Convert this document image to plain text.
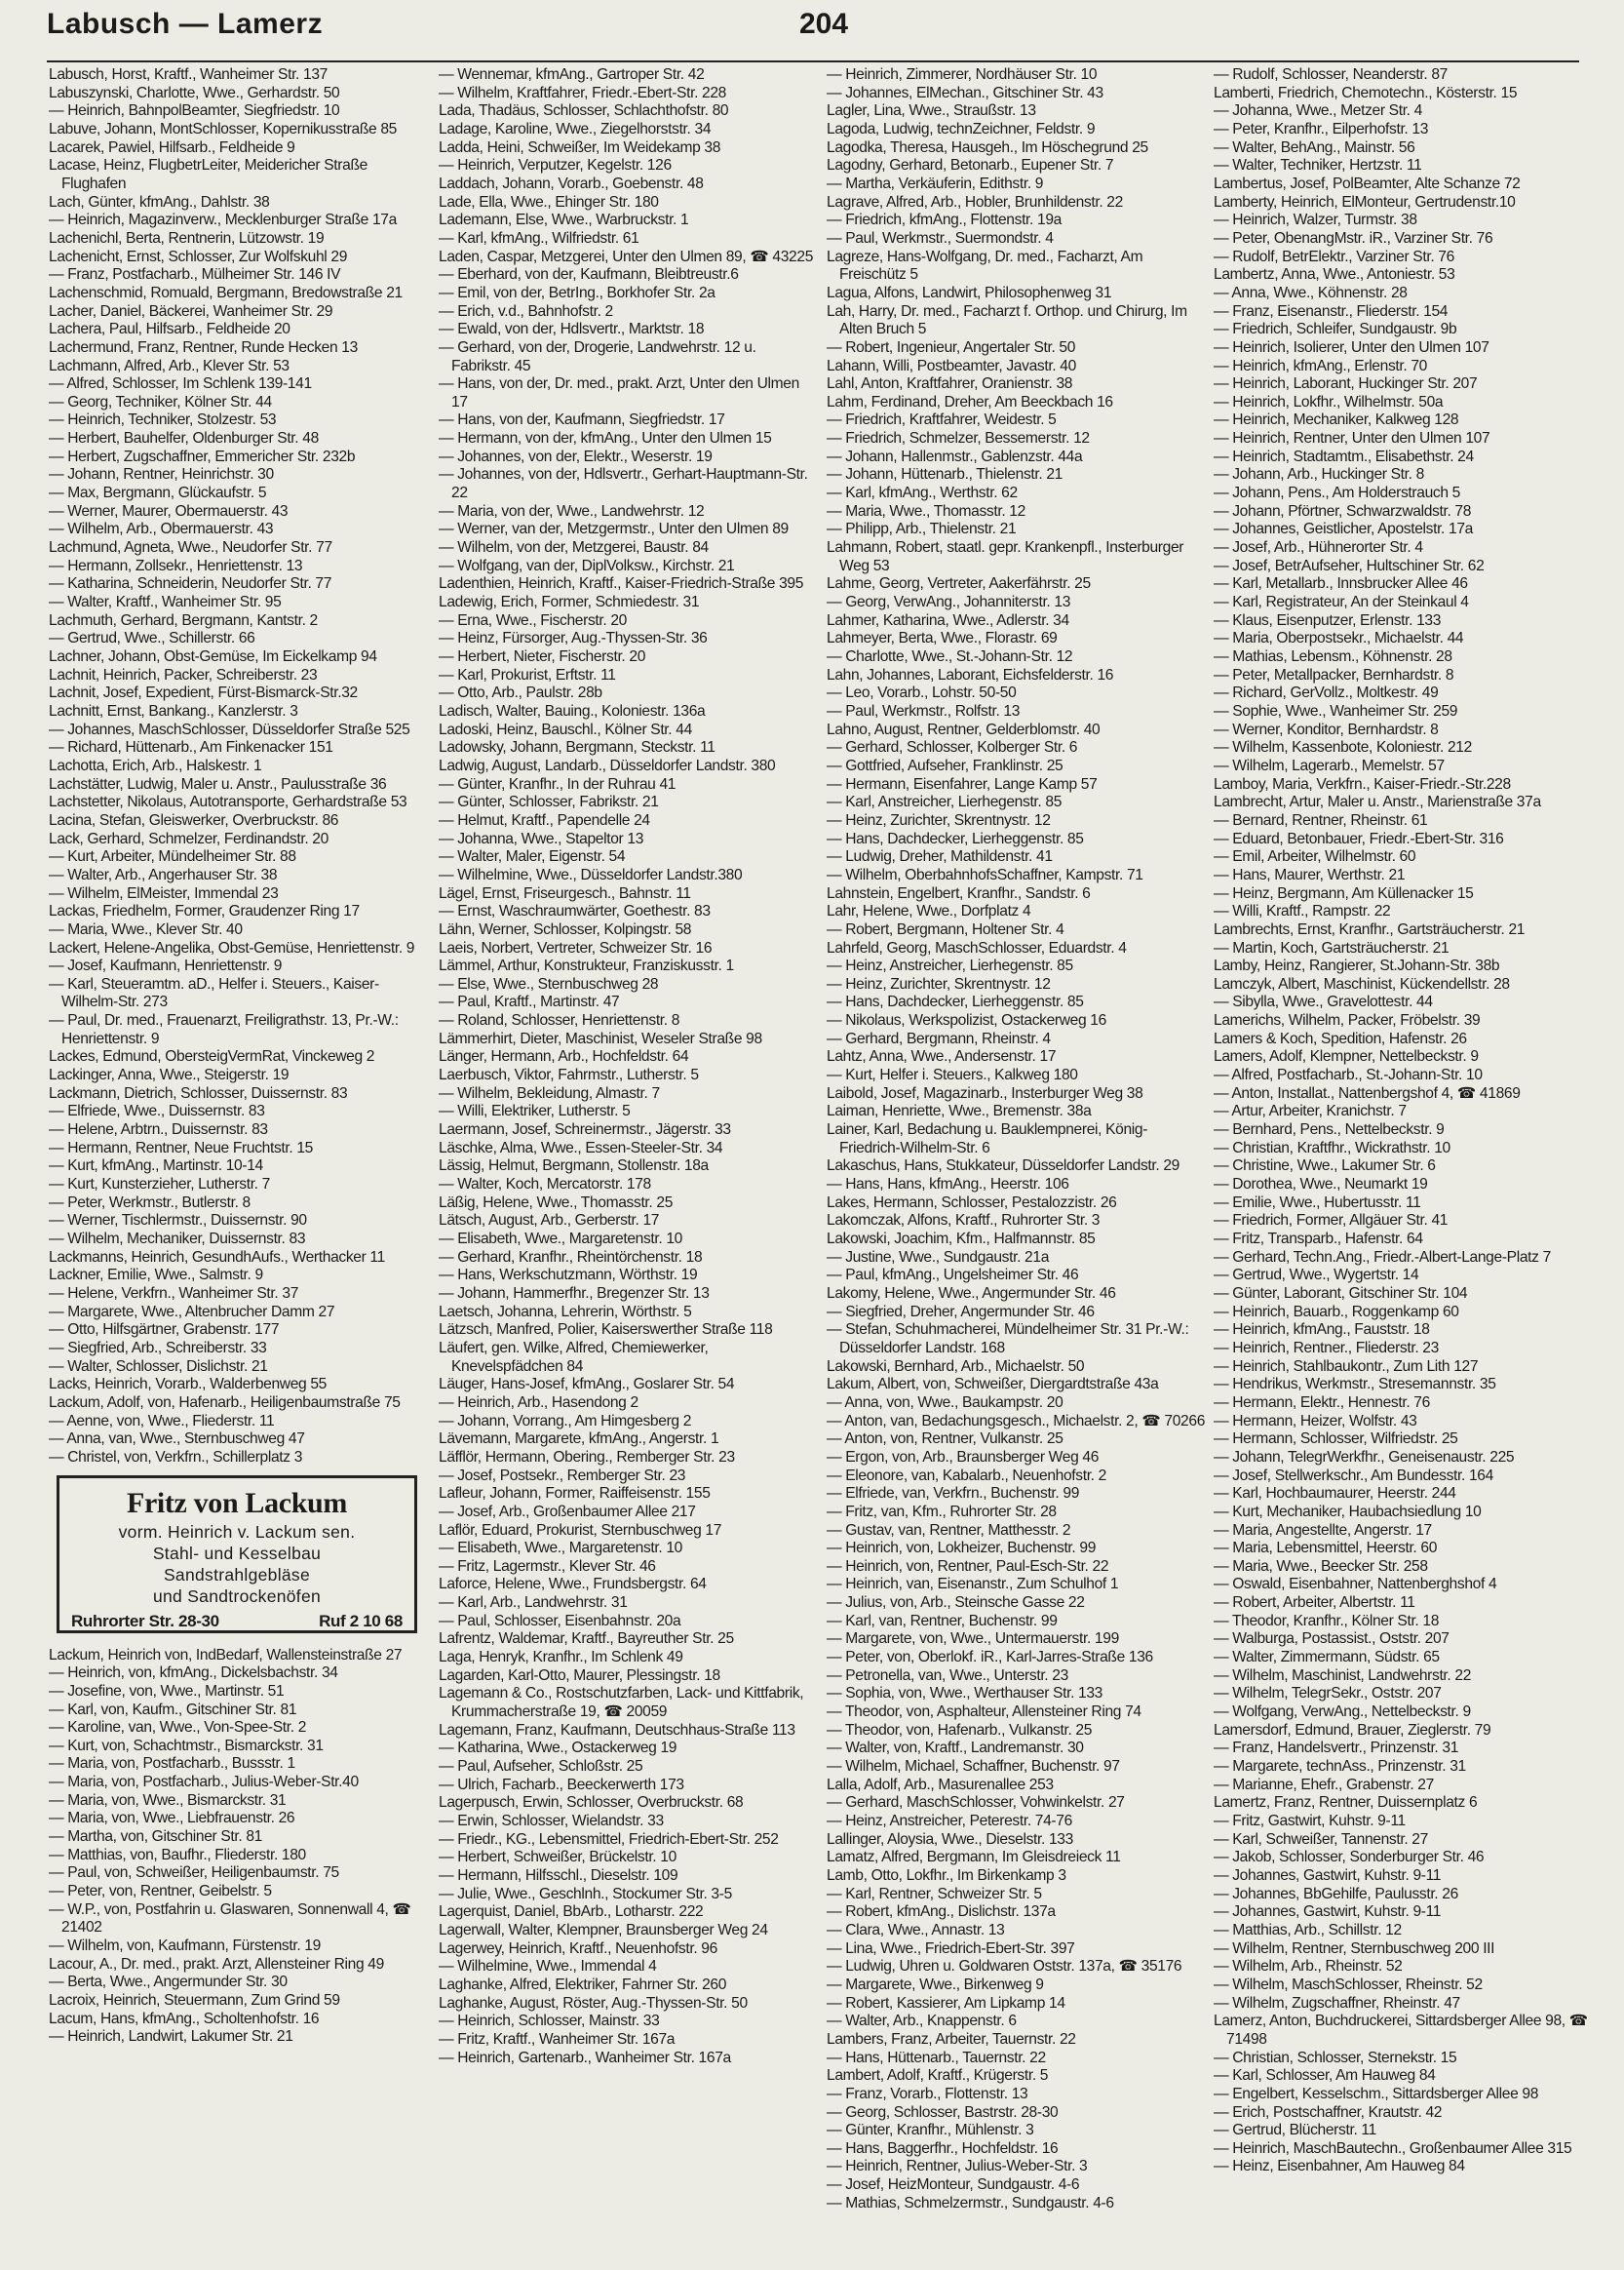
Labusch — Lamerz	204
Labusch, Horst, Kraftf., Wanheimer Str. 137
Labuszynski, Charlotte, Wwe., Gerhardstr. 50
— Heinrich, BahnpolBeamter, Siegfriedstr. 10
Labuve, Johann, MontSchlosser, Kopernikusstraße 85
Lacarek, Pawiel, Hilfsarb., Feldheide 9
Lacase, Heinz, FlugbetrLeiter, Meidericher Straße Flughafen
Lach, Günter, kfmAng., Dahlstr. 38
— Heinrich, Magazinverw., Mecklenburger Straße 17a
Lachenichl, Berta, Rentnerin, Lützowstr. 19
Lachenicht, Ernst, Schlosser, Zur Wolfskuhl 29
— Franz, Postfacharb., Mülheimer Str. 146 IV
Lachenschmid, Romuald, Bergmann, Bredowstraße 21
Lacher, Daniel, Bäckerei, Wanheimer Str. 29
Lachera, Paul, Hilfsarb., Feldheide 20
Lachermund, Franz, Rentner, Runde Hecken 13
Lachmann, Alfred, Arb., Klever Str. 53
— Alfred, Schlosser, Im Schlenk 139-141
— Georg, Techniker, Kölner Str. 44
— Heinrich, Techniker, Stolzestr. 53
— Herbert, Bauhelfer, Oldenburger Str. 48
— Herbert, Zugschaffner, Emmericher Str. 232b
— Johann, Rentner, Heinrichstr. 30
— Max, Bergmann, Glückaufstr. 5
— Werner, Maurer, Obermauerstr. 43
— Wilhelm, Arb., Obermauerstr. 43
Lachmund, Agneta, Wwe., Neudorfer Str. 77
— Hermann, Zollsekr., Henriettenstr. 13
— Katharina, Schneiderin, Neudorfer Str. 77
— Walter, Kraftf., Wanheimer Str. 95
Lachmuth, Gerhard, Bergmann, Kantstr. 2
— Gertrud, Wwe., Schillerstr. 66
Lachner, Johann, Obst-Gemüse, Im Eickelkamp 94
Lachnit, Heinrich, Packer, Schreiberstr. 23
Lachnit, Josef, Expedient, Fürst-Bismarck-Str.32
Lachnitt, Ernst, Bankang., Kanzlerstr. 3
— Johannes, MaschSchlosser, Düsseldorfer Straße 525
— Richard, Hüttenarb., Am Finkenacker 151
Lachotta, Erich, Arb., Halskestr. 1
Lachstätter, Ludwig, Maler u. Anstr., Paulusstraße 36
Lachstetter, Nikolaus, Autotransporte, Gerhardstraße 53
Lacina, Stefan, Gleiswerker, Overbruckstr. 86
Lack, Gerhard, Schmelzer, Ferdinandstr. 20
— Kurt, Arbeiter, Mündelheimer Str. 88
— Walter, Arb., Angerhauser Str. 38
— Wilhelm, ElMeister, Immendal 23
Lackas, Friedhelm, Former, Graudenzer Ring 17
— Maria, Wwe., Klever Str. 40
Lackert, Helene-Angelika, Obst-Gemüse, Henriettenstr. 9
— Josef, Kaufmann, Henriettenstr. 9
— Karl, Steueramtm. aD., Helfer i. Steuers., Kaiser-Wilhelm-Str. 273
— Paul, Dr. med., Frauenarzt, Freiligrathstr. 13, Pr.-W.: Henriettenstr. 9
Lackes, Edmund, ObersteigVermRat, Vinckeweg 2
Lackinger, Anna, Wwe., Steigerstr. 19
Lackmann, Dietrich, Schlosser, Duissernstr. 83
— Elfriede, Wwe., Duissernstr. 83
— Helene, Arbtrn., Duissernstr. 83
— Hermann, Rentner, Neue Fruchtstr. 15
— Kurt, kfmAng., Martinstr. 10-14
— Kurt, Kunsterzieher, Lutherstr. 7
— Peter, Werkmstr., Butlerstr. 8
— Werner, Tischlermstr., Duissernstr. 90
— Wilhelm, Mechaniker, Duissernstr. 83
Lackmanns, Heinrich, GesundhAufs., Werthacker 11
Lackner, Emilie, Wwe., Salmstr. 9
— Helene, Verkfrn., Wanheimer Str. 37
— Margarete, Wwe., Altenbrucher Damm 27
— Otto, Hilfsgärtner, Grabenstr. 177
— Siegfried, Arb., Schreiberstr. 33
— Walter, Schlosser, Dislichstr. 21
Lacks, Heinrich, Vorarb., Walderbenweg 55
Lackum, Adolf, von, Hafenarb., Heiligenbaumstraße 75
— Aenne, von, Wwe., Fliederstr. 11
— Anna, van, Wwe., Sternbuschweg 47
— Christel, von, Verkfrn., Schillerplatz 3
Fritz von Lackum
vorm. Heinrich v. Lackum sen.
Stahl- und Kesselbau
Sandstrahlgebläse
und Sandtrockenöfen
Ruhrorter Str. 28-30	Ruf 2 10 68
Lackum, Heinrich von, IndBedarf, Wallensteinstraße 27
— Heinrich, von, kfmAng., Dickelsbachstr. 34
— Josefine, von, Wwe., Martinstr. 51
— Karl, von, Kaufm., Gitschiner Str. 81
— Karoline, van, Wwe., Von-Spee-Str. 2
— Kurt, von, Schachtmstr., Bismarckstr. 31
— Maria, von, Postfacharb., Bussstr. 1
— Maria, von, Postfacharb., Julius-Weber-Str.40
— Maria, von, Wwe., Bismarckstr. 31
— Maria, von, Wwe., Liebfrauenstr. 26
— Martha, von, Gitschiner Str. 81
— Matthias, von, Baufhr., Fliederstr. 180
— Paul, von, Schweißer, Heiligenbaumstr. 75
— Peter, von, Rentner, Geibelstr. 5
— W.P., von, Postfahrin u. Glaswaren, Sonnenwall 4, ☎ 21402
— Wilhelm, von, Kaufmann, Fürstenstr. 19
Lacour, A., Dr. med., prakt. Arzt, Allensteiner Ring 49
— Berta, Wwe., Angermunder Str. 30
Lacroix, Heinrich, Steuermann, Zum Grind 59
Lacum, Hans, kfmAng., Scholtenhofstr. 16
— Heinrich, Landwirt, Lakumer Str. 21
— Wennemar, kfmAng., Gartroper Str. 42
— Wilhelm, Kraftfahrer, Friedr.-Ebert-Str. 228
Lada, Thadäus, Schlosser, Schlachthofstr. 80
Ladage, Karoline, Wwe., Ziegelhorststr. 34
Ladda, Heini, Schweißer, Im Weidekamp 38
— Heinrich, Verputzer, Kegelstr. 126
Laddach, Johann, Vorarb., Goebenstr. 48
Lade, Ella, Wwe., Ehinger Str. 180
Lademann, Else, Wwe., Warbruckstr. 1
— Karl, kfmAng., Wilfriedstr. 61
Laden, Caspar, Metzgerei, Unter den Ulmen 89, ☎ 43225
— Eberhard, von der, Kaufmann, Bleibtreustr.6
— Emil, von der, BetrIng., Borkhofer Str. 2a
— Erich, v.d., Bahnhofstr. 2
— Ewald, von der, Hdlsvertr., Marktstr. 18
— Gerhard, von der, Drogerie, Landwehrstr. 12 u. Fabrikstr. 45
— Hans, von der, Dr. med., prakt. Arzt, Unter den Ulmen 17
— Hans, von der, Kaufmann, Siegfriedstr. 17
— Hermann, von der, kfmAng., Unter den Ulmen 15
— Johannes, von der, Elektr., Weserstr. 19
— Johannes, von der, Hdlsvertr., Gerhart-Hauptmann-Str. 22
— Maria, von der, Wwe., Landwehrstr. 12
— Werner, van der, Metzgermstr., Unter den Ulmen 89
— Wilhelm, von der, Metzgerei, Baustr. 84
— Wolfgang, van der, DiplVolksw., Kirchstr. 21
Ladenthien, Heinrich, Kraftf., Kaiser-Friedrich-Straße 395
Ladewig, Erich, Former, Schmiedestr. 31
— Erna, Wwe., Fischerstr. 20
— Heinz, Fürsorger, Aug.-Thyssen-Str. 36
— Herbert, Nieter, Fischerstr. 20
— Karl, Prokurist, Erftstr. 11
— Otto, Arb., Paulstr. 28b
Ladisch, Walter, Bauing., Koloniestr. 136a
Ladoski, Heinz, Bauschl., Kölner Str. 44
Ladowsky, Johann, Bergmann, Steckstr. 11
Ladwig, August, Landarb., Düsseldorfer Landstr. 380
— Günter, Kranfhr., In der Ruhrau 41
— Günter, Schlosser, Fabrikstr. 21
— Helmut, Kraftf., Papendelle 24
— Johanna, Wwe., Stapeltor 13
— Walter, Maler, Eigenstr. 54
— Wilhelmine, Wwe., Düsseldorfer Landstr.380
Lägel, Ernst, Friseurgesch., Bahnstr. 11
— Ernst, Waschraumwärter, Goethestr. 83
Lähn, Werner, Schlosser, Kolpingstr. 58
Laeis, Norbert, Vertreter, Schweizer Str. 16
Lämmel, Arthur, Konstrukteur, Franziskusstr. 1
— Else, Wwe., Sternbuschweg 28
— Paul, Kraftf., Martinstr. 47
— Roland, Schlosser, Henriettenstr. 8
Lämmerhirt, Dieter, Maschinist, Weseler Straße 98
Länger, Hermann, Arb., Hochfeldstr. 64
Laerbusch, Viktor, Fahrmstr., Lutherstr. 5
— Wilhelm, Bekleidung, Almastr. 7
— Willi, Elektriker, Lutherstr. 5
Laermann, Josef, Schreinermstr., Jägerstr. 33
Läschke, Alma, Wwe., Essen-Steeler-Str. 34
Lässig, Helmut, Bergmann, Stollenstr. 18a
— Walter, Koch, Mercatorstr. 178
Läßig, Helene, Wwe., Thomasstr. 25
Lätsch, August, Arb., Gerberstr. 17
— Elisabeth, Wwe., Margaretenstr. 10
— Gerhard, Kranfhr., Rheintörchenstr. 18
— Hans, Werkschutzmann, Wörthstr. 19
— Johann, Hammerfhr., Bregenzer Str. 13
Laetsch, Johanna, Lehrerin, Wörthstr. 5
Lätzsch, Manfred, Polier, Kaiserswerther Straße 118
Läufert, gen. Wilke, Alfred, Chemiewerker, Knevelspfädchen 84
Läuger, Hans-Josef, kfmAng., Goslarer Str. 54
— Heinrich, Arb., Hasendong 2
— Johann, Vorrang., Am Himgesberg 2
Lävemann, Margarete, kfmAng., Angerstr. 1
Läfflör, Hermann, Obering., Remberger Str. 23
— Josef, Postsekr., Remberger Str. 23
Lafleur, Johann, Former, Raiffeisenstr. 155
— Josef, Arb., Großenbaumer Allee 217
Laflör, Eduard, Prokurist, Sternbuschweg 17
— Elisabeth, Wwe., Margaretenstr. 10
— Fritz, Lagermstr., Klever Str. 46
Laforce, Helene, Wwe., Frundsbergstr. 64
— Karl, Arb., Landwehrstr. 31
— Paul, Schlosser, Eisenbahnstr. 20a
Lafrentz, Waldemar, Kraftf., Bayreuther Str. 25
Laga, Henryk, Kranfhr., Im Schlenk 49
Lagarden, Karl-Otto, Maurer, Plessingstr. 18
Lagemann & Co., Rostschutzfarben, Lack- und Kittfabrik, Krummacherstraße 19, ☎ 20059
Lagemann, Franz, Kaufmann, Deutschhaus-Straße 113
— Katharina, Wwe., Ostackerweg 19
— Paul, Aufseher, Schloßstr. 25
— Ulrich, Facharb., Beeckerwerth 173
Lagerpusch, Erwin, Schlosser, Overbruckstr. 68
— Erwin, Schlosser, Wielandstr. 33
— Friedr., KG., Lebensmittel, Friedrich-Ebert-Str. 252
— Herbert, Schweißer, Brückelstr. 10
— Hermann, Hilfsschl., Dieselstr. 109
— Julie, Wwe., Geschlnh., Stockumer Str. 3-5
Lagerquist, Daniel, BbArb., Lotharstr. 222
Lagerwall, Walter, Klempner, Braunsberger Weg 24
Lagerwey, Heinrich, Kraftf., Neuenhofstr. 96
— Wilhelmine, Wwe., Immendal 4
Laghanke, Alfred, Elektriker, Fahrner Str. 260
Laghanke, August, Röster, Aug.-Thyssen-Str. 50
— Heinrich, Schlosser, Mainstr. 33
— Fritz, Kraftf., Wanheimer Str. 167a
— Heinrich, Gartenarb., Wanheimer Str. 167a
— Heinrich, Zimmerer, Nordhäuser Str. 10
— Johannes, ElMechan., Gitschiner Str. 43
Lagler, Lina, Wwe., Straußstr. 13
Lagoda, Ludwig, technZeichner, Feldstr. 9
Lagodka, Theresa, Hausgeh., Im Höschegrund 25
Lagodny, Gerhard, Betonarb., Eupener Str. 7
— Martha, Verkäuferin, Edithstr. 9
Lagrave, Alfred, Arb., Hobler, Brunhildenstr. 22
— Friedrich, kfmAng., Flottenstr. 19a
— Paul, Werkmstr., Suermondstr. 4
Lagreze, Hans-Wolfgang, Dr. med., Facharzt, Am Freischütz 5
Lagua, Alfons, Landwirt, Philosophenweg 31
Lah, Harry, Dr. med., Facharzt f. Orthop. und Chirurg, Im Alten Bruch 5
— Robert, Ingenieur, Angertaler Str. 50
Lahann, Willi, Postbeamter, Javastr. 40
Lahl, Anton, Kraftfahrer, Oranienstr. 38
Lahm, Ferdinand, Dreher, Am Beeckbach 16
— Friedrich, Kraftfahrer, Weidestr. 5
— Friedrich, Schmelzer, Bessemerstr. 12
— Johann, Hallenmstr., Gablenzstr. 44a
— Johann, Hüttenarb., Thielenstr. 21
— Karl, kfmAng., Werthstr. 62
— Maria, Wwe., Thomasstr. 12
— Philipp, Arb., Thielenstr. 21
Lahmann, Robert, staatl. gepr. Krankenpfl., Insterburger Weg 53
Lahme, Georg, Vertreter, Aakerfährstr. 25
— Georg, VerwAng., Johanniterstr. 13
Lahmer, Katharina, Wwe., Adlerstr. 34
Lahmeyer, Berta, Wwe., Florastr. 69
— Charlotte, Wwe., St.-Johann-Str. 12
Lahn, Johannes, Laborant, Eichsfelderstr. 16
— Leo, Vorarb., Lohstr. 50-50
— Paul, Werkmstr., Rolfstr. 13
Lahno, August, Rentner, Gelderblomstr. 40
— Gerhard, Schlosser, Kolberger Str. 6
— Gottfried, Aufseher, Franklinstr. 25
— Hermann, Eisenfahrer, Lange Kamp 57
— Karl, Anstreicher, Lierhegenstr. 85
— Heinz, Zurichter, Skrentnystr. 12
— Hans, Dachdecker, Lierheggenstr. 85
— Ludwig, Dreher, Mathildenstr. 41
— Wilhelm, OberbahnhofsSchaffner, Kampstr. 71
Lahnstein, Engelbert, Kranfhr., Sandstr. 6
Lahr, Helene, Wwe., Dorfplatz 4
— Robert, Bergmann, Holtener Str. 4
Lahrfeld, Georg, MaschSchlosser, Eduardstr. 4
— Heinz, Anstreicher, Lierhegenstr. 85
— Heinz, Zurichter, Skrentnystr. 12
— Hans, Dachdecker, Lierheggenstr. 85
— Nikolaus, Werkspolizist, Ostackerweg 16
— Gerhard, Bergmann, Rheinstr. 4
Lahtz, Anna, Wwe., Andersenstr. 17
— Kurt, Helfer i. Steuers., Kalkweg 180
Laibold, Josef, Magazinarb., Insterburger Weg 38
Laiman, Henriette, Wwe., Bremenstr. 38a
Lainer, Karl, Bedachung u. Bauklempnerei, König-Friedrich-Wilhelm-Str. 6
Lakaschus, Hans, Stukkateur, Düsseldorfer Landstr. 29
— Hans, Hans, kfmAng., Heerstr. 106
Lakes, Hermann, Schlosser, Pestalozzistr. 26
Lakomczak, Alfons, Kraftf., Ruhrorter Str. 3
Lakowski, Joachim, Kfm., Halfmannstr. 85
— Justine, Wwe., Sundgaustr. 21a
— Paul, kfmAng., Ungelsheimer Str. 46
Lakomy, Helene, Wwe., Angermunder Str. 46
— Siegfried, Dreher, Angermunder Str. 46
— Stefan, Schuhmacherei, Mündelheimer Str. 31 Pr.-W.: Düsseldorfer Landstr. 168
Lakowski, Bernhard, Arb., Michaelstr. 50
Lakum, Albert, von, Schweißer, Diergardtstraße 43a
— Anna, von, Wwe., Baukampstr. 20
— Anton, van, Bedachungsgesch., Michaelstr. 2, ☎ 70266
— Anton, von, Rentner, Vulkanstr. 25
— Ergon, von, Arb., Braunsberger Weg 46
— Eleonore, van, Kabalarb., Neuenhofstr. 2
— Elfriede, van, Verkfrn., Buchenstr. 99
— Fritz, van, Kfm., Ruhrorter Str. 28
— Gustav, van, Rentner, Matthesstr. 2
— Heinrich, von, Lokheizer, Buchenstr. 99
— Heinrich, von, Rentner, Paul-Esch-Str. 22
— Heinrich, van, Eisenanstr., Zum Schulhof 1
— Julius, von, Arb., Steinsche Gasse 22
— Karl, van, Rentner, Buchenstr. 99
— Margarete, von, Wwe., Untermauerstr. 199
— Peter, von, Oberlokf. iR., Karl-Jarres-Straße 136
— Petronella, van, Wwe., Unterstr. 23
— Sophia, von, Wwe., Werthauser Str. 133
— Theodor, von, Asphalteur, Allensteiner Ring 74
— Theodor, von, Hafenarb., Vulkanstr. 25
— Walter, von, Kraftf., Landremanstr. 30
— Wilhelm, Michael, Schaffner, Buchenstr. 97
Lalla, Adolf, Arb., Masurenallee 253
— Gerhard, MaschSchlosser, Vohwinkelstr. 27
— Heinz, Anstreicher, Peterestr. 74-76
Lallinger, Aloysia, Wwe., Dieselstr. 133
Lamatz, Alfred, Bergmann, Im Gleisdreieck 11
Lamb, Otto, Lokfhr., Im Birkenkamp 3
— Karl, Rentner, Schweizer Str. 5
— Robert, kfmAng., Dislichstr. 137a
— Clara, Wwe., Annastr. 13
— Lina, Wwe., Friedrich-Ebert-Str. 397
— Ludwig, Uhren u. Goldwaren Oststr. 137a, ☎ 35176
— Margarete, Wwe., Birkenweg 9
— Robert, Kassierer, Am Lipkamp 14
— Walter, Arb., Knappenstr. 6
Lambers, Franz, Arbeiter, Tauernstr. 22
— Hans, Hüttenarb., Tauernstr. 22
Lambert, Adolf, Kraftf., Krügerstr. 5
— Franz, Vorarb., Flottenstr. 13
— Georg, Schlosser, Bastrstr. 28-30
— Günter, Kranfhr., Mühlenstr. 3
— Hans, Baggerfhr., Hochfeldstr. 16
— Heinrich, Rentner, Julius-Weber-Str. 3
— Josef, HeizMonteur, Sundgaustr. 4-6
— Mathias, Schmelzermstr., Sundgaustr. 4-6
— Rudolf, Schlosser, Neanderstr. 87
Lamberti, Friedrich, Chemotechn., Kösterstr. 15
— Johanna, Wwe., Metzer Str. 4
— Peter, Kranfhr., Eilperhofstr. 13
— Walter, BehAng., Mainstr. 56
— Walter, Techniker, Hertzstr. 11
Lambertus, Josef, PolBeamter, Alte Schanze 72
Lamberty, Heinrich, ElMonteur, Gertrudenstr.10
— Heinrich, Walzer, Turmstr. 38
— Peter, ObenangMstr. iR., Varziner Str. 76
— Rudolf, BetrElektr., Varziner Str. 76
Lambertz, Anna, Wwe., Antoniestr. 53
— Anna, Wwe., Köhnenstr. 28
— Franz, Eisenanstr., Fliederstr. 154
— Friedrich, Schleifer, Sundgaustr. 9b
— Heinrich, Isolierer, Unter den Ulmen 107
— Heinrich, kfmAng., Erlenstr. 70
— Heinrich, Laborant, Huckinger Str. 207
— Heinrich, Lokfhr., Wilhelmstr. 50a
— Heinrich, Mechaniker, Kalkweg 128
— Heinrich, Rentner, Unter den Ulmen 107
— Heinrich, Stadtamtm., Elisabethstr. 24
— Johann, Arb., Huckinger Str. 8
— Johann, Pens., Am Holderstrauch 5
— Johann, Pförtner, Schwarzwaldstr. 78
— Johannes, Geistlicher, Apostelstr. 17a
— Josef, Arb., Hühnerorter Str. 4
— Josef, BetrAufseher, Hultschiner Str. 62
— Karl, Metallarb., Innsbrucker Allee 46
— Karl, Registrateur, An der Steinkaul 4
— Klaus, Eisenputzer, Erlenstr. 133
— Maria, Oberpostsekr., Michaelstr. 44
— Mathias, Lebensm., Köhnenstr. 28
— Peter, Metallpacker, Bernhardstr. 8
— Richard, GerVollz., Moltkestr. 49
— Sophie, Wwe., Wanheimer Str. 259
— Werner, Konditor, Bernhardstr. 8
— Wilhelm, Kassenbote, Koloniestr. 212
— Wilhelm, Lagerarb., Memelstr. 57
Lamboy, Maria, Verkfrn., Kaiser-Friedr.-Str.228
Lambrecht, Artur, Maler u. Anstr., Marienstraße 37a
— Bernard, Rentner, Rheinstr. 61
— Eduard, Betonbauer, Friedr.-Ebert-Str. 316
— Emil, Arbeiter, Wilhelmstr. 60
— Hans, Maurer, Werthstr. 21
— Heinz, Bergmann, Am Küllenacker 15
— Willi, Kraftf., Rampstr. 22
Lambrechts, Ernst, Kranfhr., Gartsträucherstr. 21
— Martin, Koch, Gartsträucherstr. 21
Lamby, Heinz, Rangierer, St.Johann-Str. 38b
Lamczyk, Albert, Maschinist, Kückendellstr. 28
— Sibylla, Wwe., Gravelottestr. 44
Lamerichs, Wilhelm, Packer, Fröbelstr. 39
Lamers & Koch, Spedition, Hafenstr. 26
Lamers, Adolf, Klempner, Nettelbeckstr. 9
— Alfred, Postfacharb., St.-Johann-Str. 10
— Anton, Installat., Nattenbergshof 4, ☎ 41869
— Artur, Arbeiter, Kranichstr. 7
— Bernhard, Pens., Nettelbeckstr. 9
— Christian, Kraftfhr., Wickrathstr. 10
— Christine, Wwe., Lakumer Str. 6
— Dorothea, Wwe., Neumarkt 19
— Emilie, Wwe., Hubertusstr. 11
— Friedrich, Former, Allgäuer Str. 41
— Fritz, Transparb., Hafenstr. 64
— Gerhard, Techn.Ang., Friedr.-Albert-Lange-Platz 7
— Gertrud, Wwe., Wygertstr. 14
— Günter, Laborant, Gitschiner Str. 104
— Heinrich, Bauarb., Roggenkamp 60
— Heinrich, kfmAng., Fauststr. 18
— Heinrich, Rentner., Fliederstr. 23
— Heinrich, Stahlbaukontr., Zum Lith 127
— Hendrikus, Werkmstr., Stresemannstr. 35
— Hermann, Elektr., Hennestr. 76
— Hermann, Heizer, Wolfstr. 43
— Hermann, Schlosser, Wilfriedstr. 25
— Johann, TelegrWerkfhr., Geneisenaustr. 225
— Josef, Stellwerkschr., Am Bundesstr. 164
— Karl, Hochbaumaurer, Heerstr. 244
— Kurt, Mechaniker, Haubachsiedlung 10
— Maria, Angestellte, Angerstr. 17
— Maria, Lebensmittel, Heerstr. 60
— Maria, Wwe., Beecker Str. 258
— Oswald, Eisenbahner, Nattenberghshof 4
— Robert, Arbeiter, Albertstr. 11
— Theodor, Kranfhr., Kölner Str. 18
— Walburga, Postassist., Oststr. 207
— Walter, Zimmermann, Südstr. 65
— Wilhelm, Maschinist, Landwehrstr. 22
— Wilhelm, TelegrSekr., Oststr. 207
— Wolfgang, VerwAng., Nettelbeckstr. 9
Lamersdorf, Edmund, Brauer, Zieglerstr. 79
— Franz, Handelsvertr., Prinzenstr. 31
— Margarete, technAss., Prinzenstr. 31
— Marianne, Ehefr., Grabenstr. 27
Lamertz, Franz, Rentner, Duissernplatz 6
— Fritz, Gastwirt, Kuhstr. 9-11
— Karl, Schweißer, Tannenstr. 27
— Jakob, Schlosser, Sonderburger Str. 46
— Johannes, Gastwirt, Kuhstr. 9-11
— Johannes, BbGehilfe, Paulusstr. 26
— Johannes, Gastwirt, Kuhstr. 9-11
— Matthias, Arb., Schillstr. 12
— Wilhelm, Rentner, Sternbuschweg 200 III
— Wilhelm, Arb., Rheinstr. 52
— Wilhelm, MaschSchlosser, Rheinstr. 52
— Wilhelm, Zugschaffner, Rheinstr. 47
Lamerz, Anton, Buchdruckerei, Sittardsberger Allee 98, ☎ 71498
— Christian, Schlosser, Sternekstr. 15
— Karl, Schlosser, Am Hauweg 84
— Engelbert, Kesselschm., Sittardsberger Allee 98
— Erich, Postschaffner, Krautstr. 42
— Gertrud, Blücherstr. 11
— Heinrich, MaschBautechn., Großenbaumer Allee 315
— Heinz, Eisenbahner, Am Hauweg 84
